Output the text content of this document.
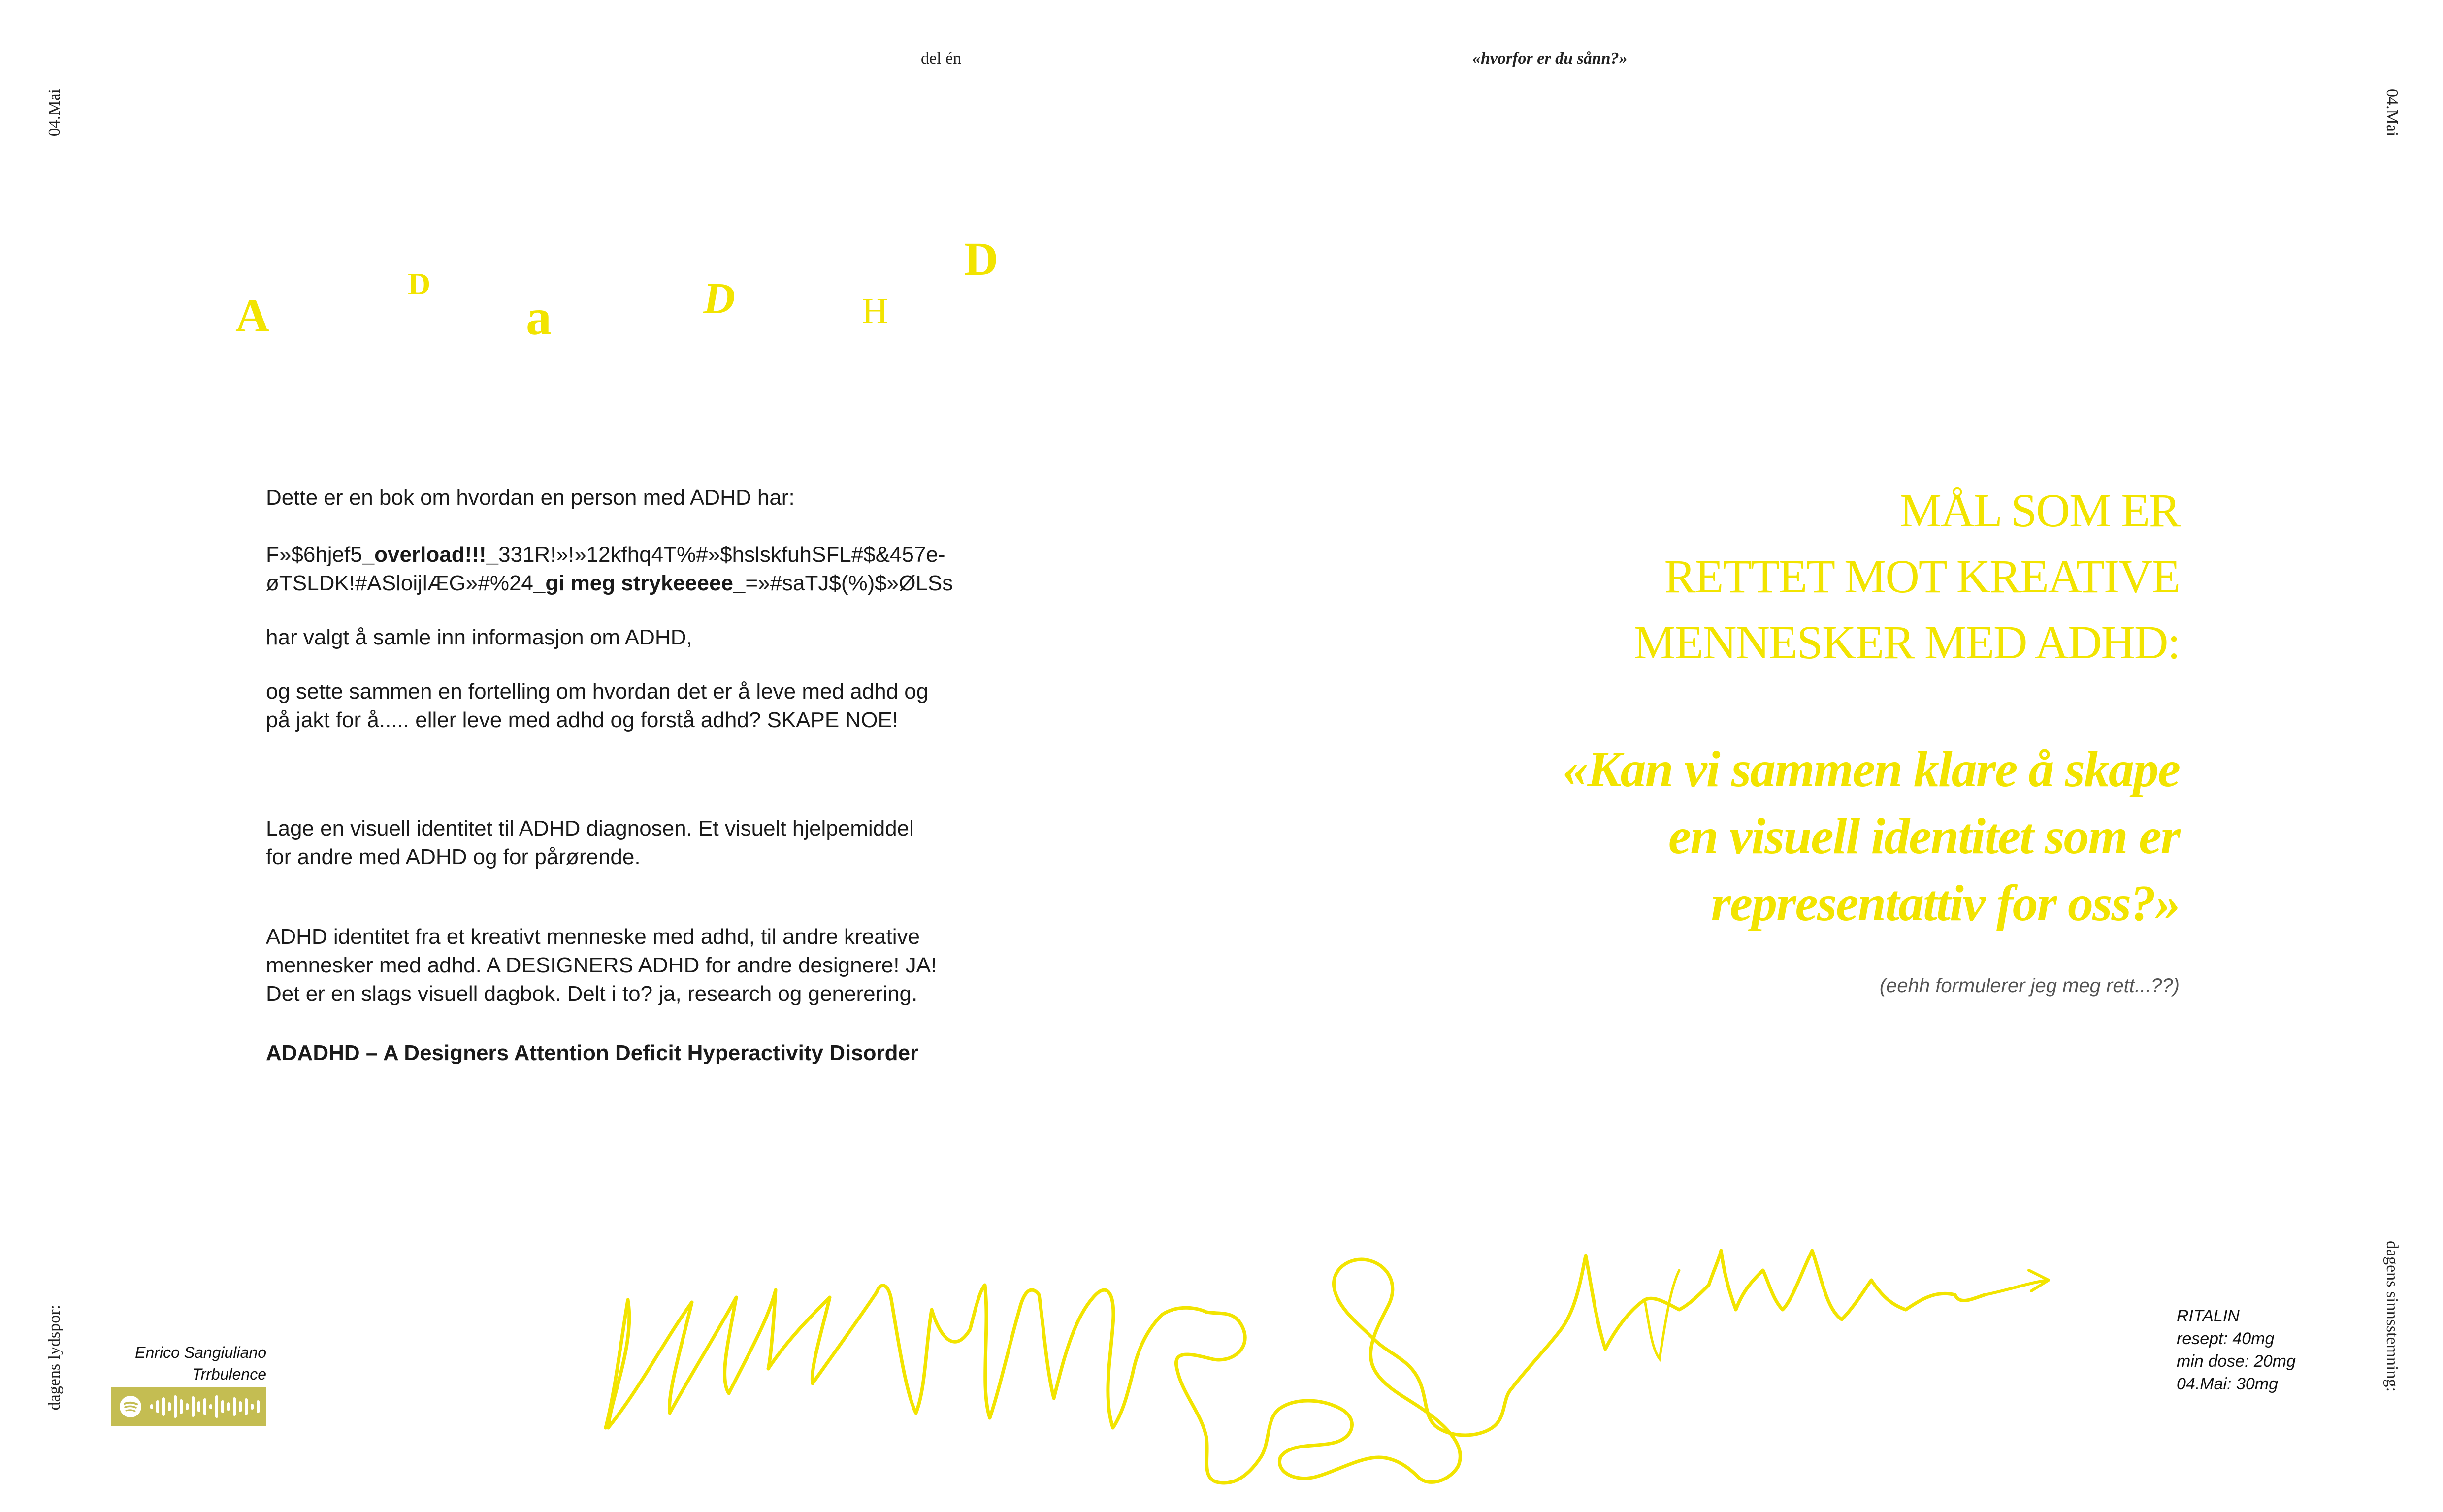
del én	«hvorfor er du sånn?»
04.Mai	04.Mai
dagens lydspor:	dagens sinnsstemning:
A
D
a	D	H
D

Dette er en bok om hvordan en person med ADHD har:

F»$6hjef5_overload!!!_331R!»!»12kfhq4T%#»$hslskfuhSFL#$&457e-
øTSLDK!#ASloijlÆG»#%24_gi meg strykeeeee_=»#saTJ$(%)$»ØLSs

har valgt å samle inn informasjon om ADHD,

og sette sammen en fortelling om hvordan det er å leve med adhd og
på jakt for å..... eller leve med adhd og forstå adhd? SKAPE NOE!

Lage en visuell identitet til ADHD diagnosen. Et visuelt hjelpemiddel
for andre med ADHD og for pårørende.

ADHD identitet fra et kreativt menneske med adhd, til andre kreative
mennesker med adhd. A DESIGNERS ADHD for andre designere! JA!
Det er en slags visuell dagbok. Delt i to? ja, research og generering.

ADADHD – A Designers Attention Deficit Hyperactivity Disorder

MÅL SOM ER
RETTET MOT KREATIVE
MENNESKER MED ADHD:
«Kan vi sammen klare å skape
en visuell identitet som er
representattiv for oss?»
(eehh formulerer jeg meg rett...??)
Enrico Sangiuliano
Trrbulence
RITALIN
resept: 40mg
min dose: 20mg
04.Mai: 30mg
